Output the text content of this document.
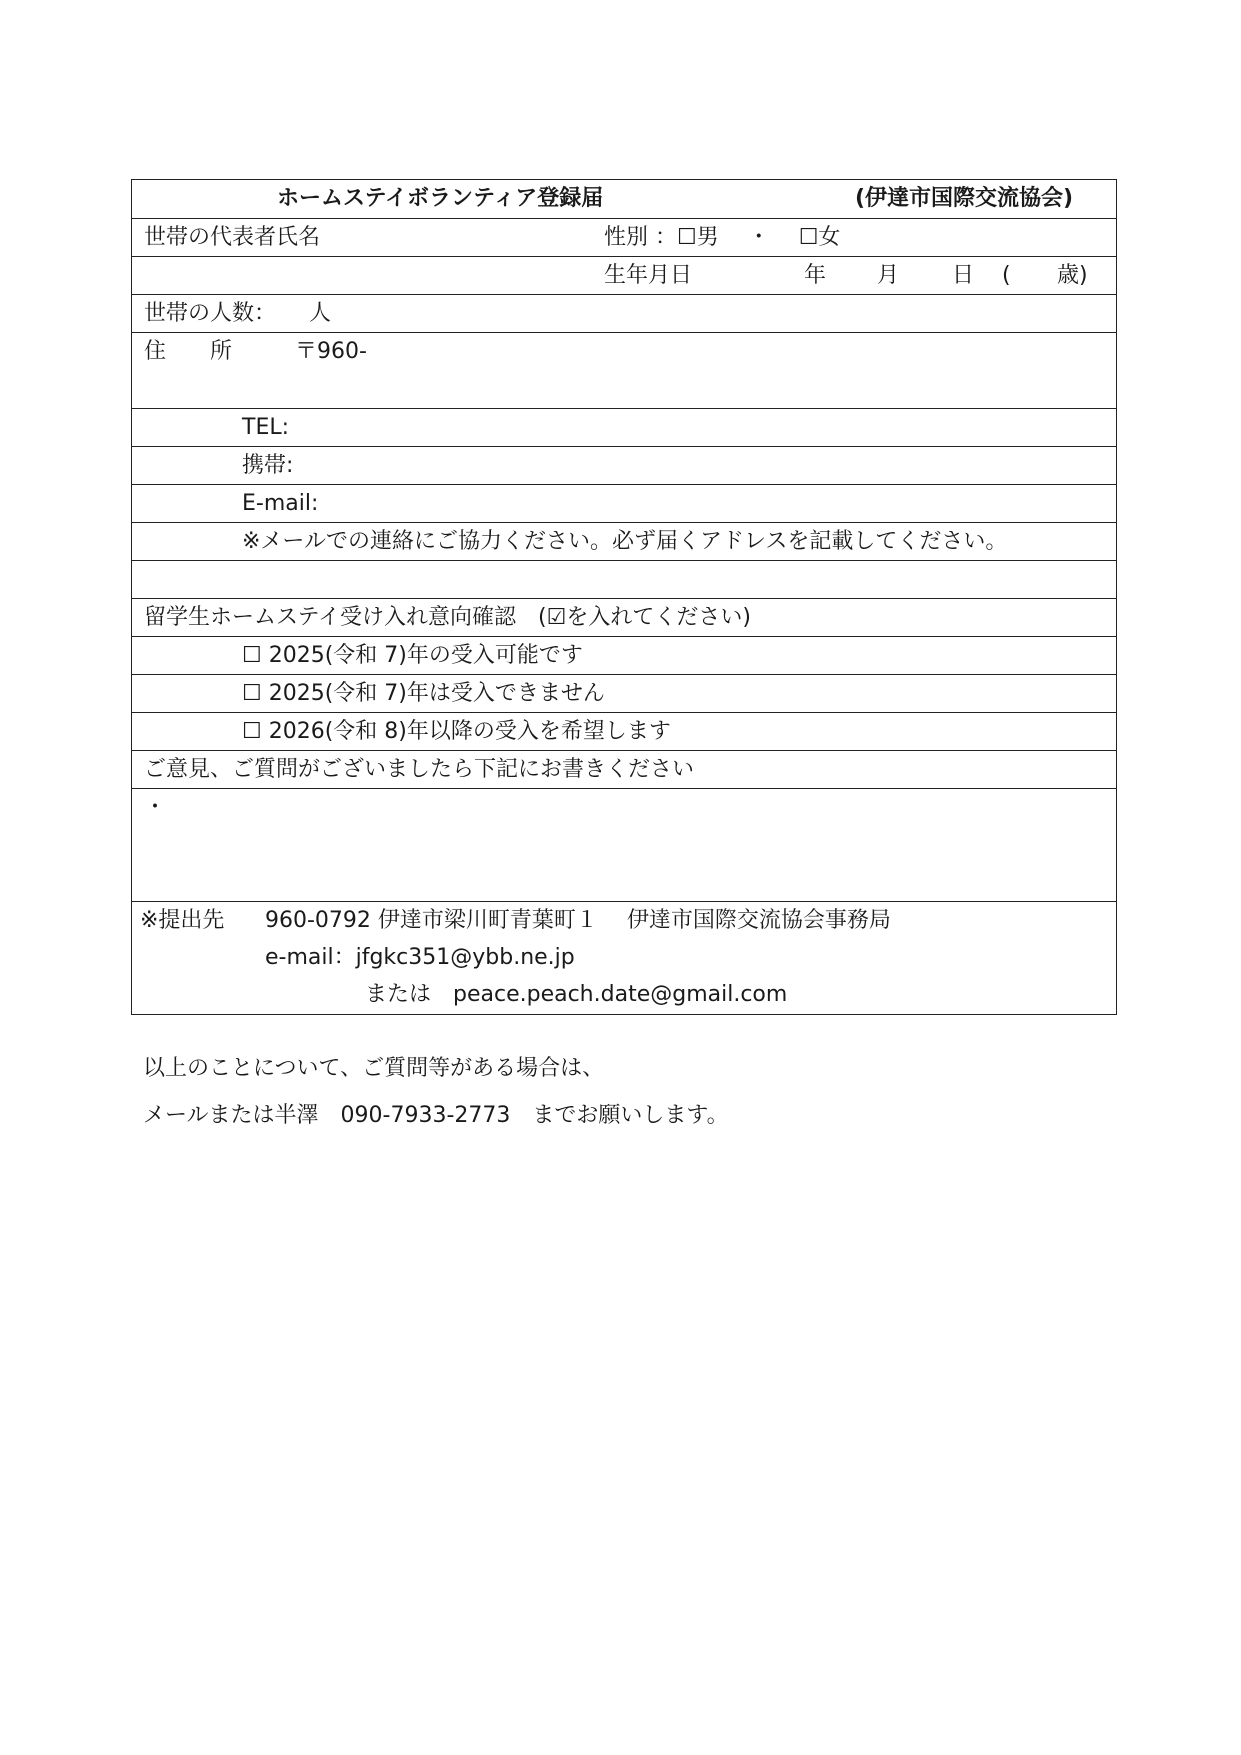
ホームステイボランティア登録届	(伊達市国際交流協会)
世帯の代表者氏名	性別 ：☐男　 ・　 ☐女
生年月日	年 月 日 ( 歳)
世帯の人数：　　人
住　　所	〒960-
TEL:
携帯:
E-mail:
※メールでの連絡にご協力ください。必ず届くアドレスを記載してください。
留学生ホームステイ受け入れ意向確認　(☑を入れてください)
☐ 2025(令和 7)年の受入可能です
☐ 2025(令和 7)年は受入できません
☐ 2026(令和 8)年以降の受入を希望します
ご意見、ご質問がございましたら下記にお書きください
・
※提出先 960-0792 伊達市梁川町青葉町１　 伊達市国際交流協会事務局
e-mail：jfgkc351@ybb.ne.jp
または　peace.peach.date@gmail.com
以上のことについて、ご質問等がある場合は、
メールまたは半澤　090-7933-2773　までお願いします。
